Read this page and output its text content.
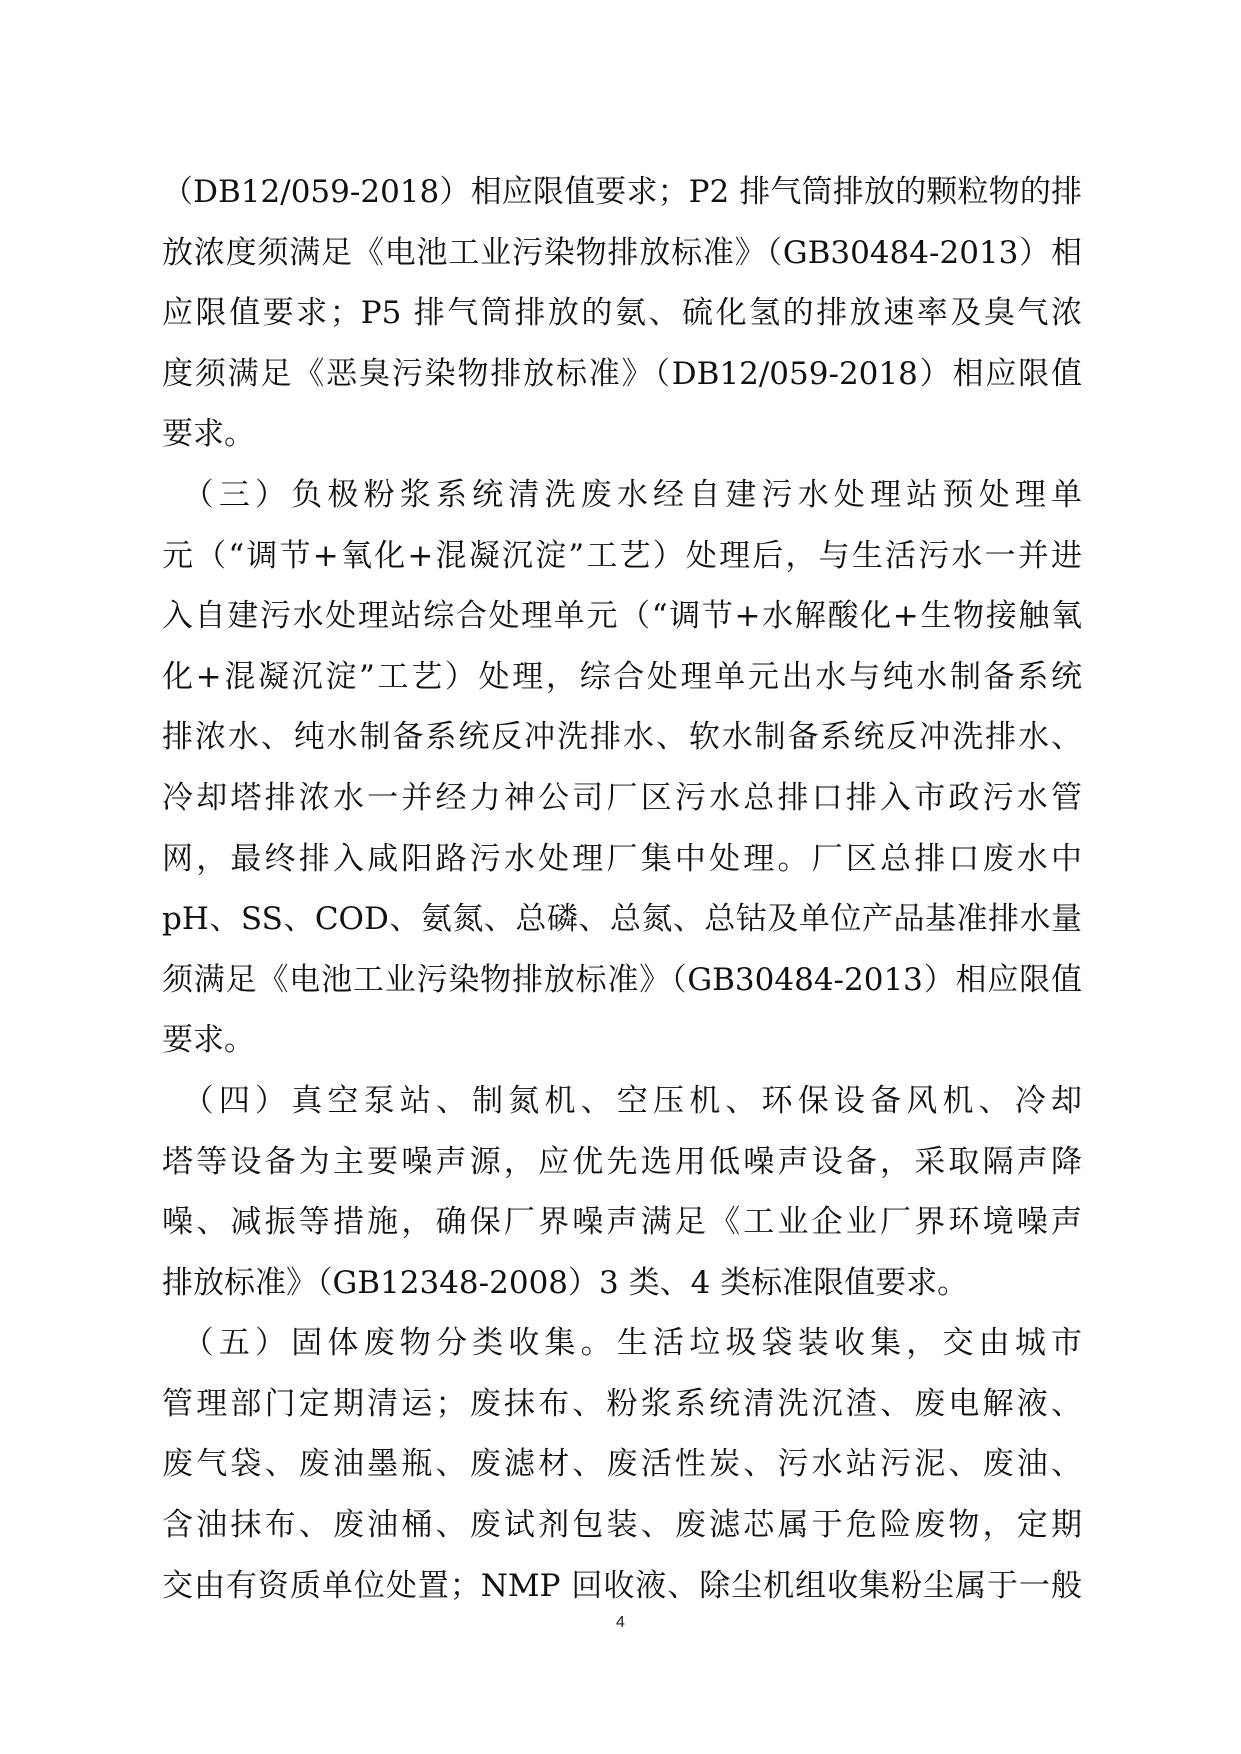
（DB12/059-2018）相应限值要求；P2 排气筒排放的颗粒物的排

放浓度须满足《电池工业污染物排放标准》（GB30484-2013）相

应限值要求；P5 排气筒排放的氨、硫化氢的排放速率及臭气浓

度须满足《恶臭污染物排放标准》（DB12/059-2018）相应限值

要求。

　（三）负极粉浆系统清洗废水经自建污水处理站预处理单

元（“调节+氧化+混凝沉淀”工艺）处理后，与生活污水一并进

入自建污水处理站综合处理单元（“调节+水解酸化+生物接触氧

化+混凝沉淀”工艺）处理，综合处理单元出水与纯水制备系统

排浓水、纯水制备系统反冲洗排水、软水制备系统反冲洗排水、

冷却塔排浓水一并经力神公司厂区污水总排口排入市政污水管

网，最终排入咸阳路污水处理厂集中处理。厂区总排口废水中

pH、SS、COD、氨氮、总磷、总氮、总钴及单位产品基准排水量

须满足《电池工业污染物排放标准》（GB30484-2013）相应限值

要求。

　（四）真空泵站、制氮机、空压机、环保设备风机、冷却

塔等设备为主要噪声源，应优先选用低噪声设备，采取隔声降

噪、减振等措施，确保厂界噪声满足《工业企业厂界环境噪声

排放标准》（GB12348-2008）3 类、4 类标准限值要求。

　（五）固体废物分类收集。生活垃圾袋装收集，交由城市

管理部门定期清运；废抹布、粉浆系统清洗沉渣、废电解液、

废气袋、废油墨瓶、废滤材、废活性炭、污水站污泥、废油、

含油抹布、废油桶、废试剂包装、废滤芯属于危险废物，定期

交由有资质单位处置；NMP 回收液、除尘机组收集粉尘属于一般

4
